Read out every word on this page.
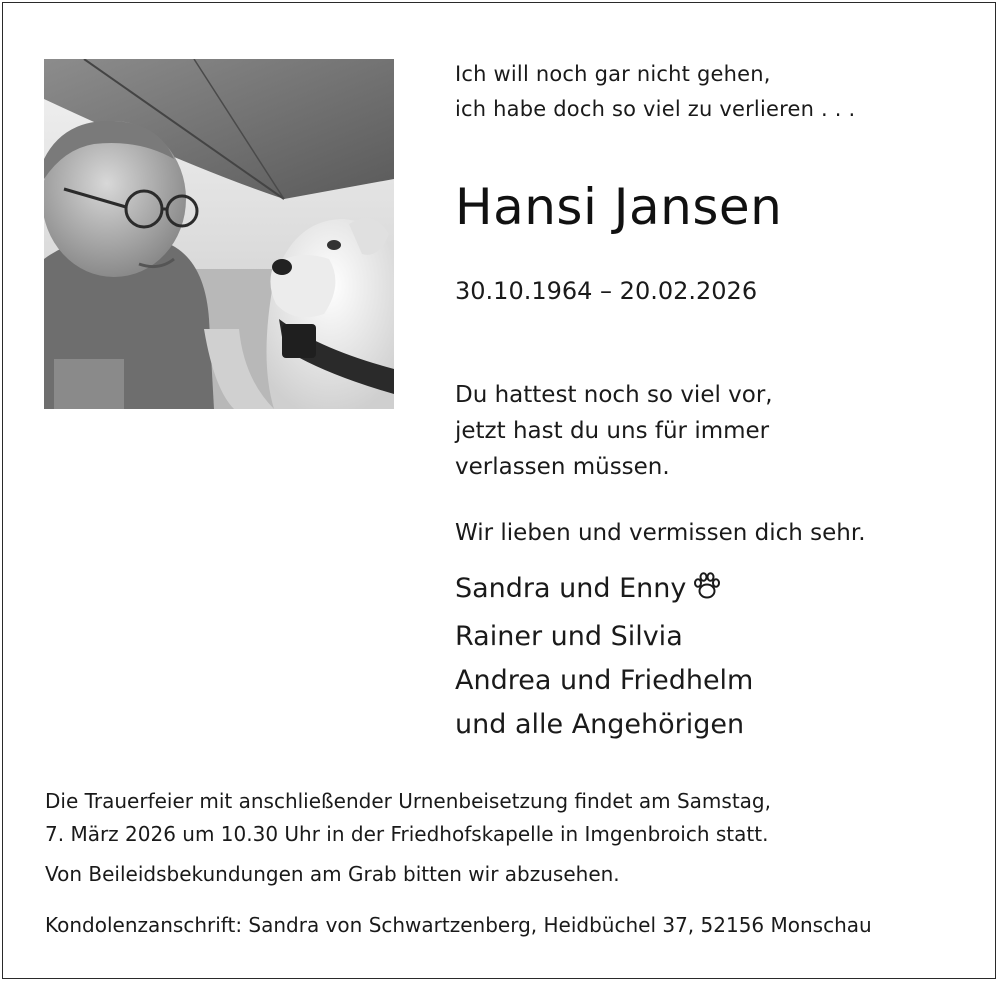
Ich will noch gar nicht gehen,
ich habe doch so viel zu verlieren . . .

Hansi Jansen

30.10.1964 – 20.02.2026

Du hattest noch so viel vor,
jetzt hast du uns für immer
verlassen müssen.

Wir lieben und vermissen dich sehr.

Sandra und Enny
Rainer und Silvia
Andrea und Friedhelm
und alle Angehörigen

Die Trauerfeier mit anschließender Urnenbeisetzung findet am Samstag,
7. März 2026 um 10.30 Uhr in der Friedhofskapelle in Imgenbroich statt.

Von Beileidsbekundungen am Grab bitten wir abzusehen.

Kondolenzanschrift: Sandra von Schwartzenberg, Heidbüchel 37, 52156 Monschau
